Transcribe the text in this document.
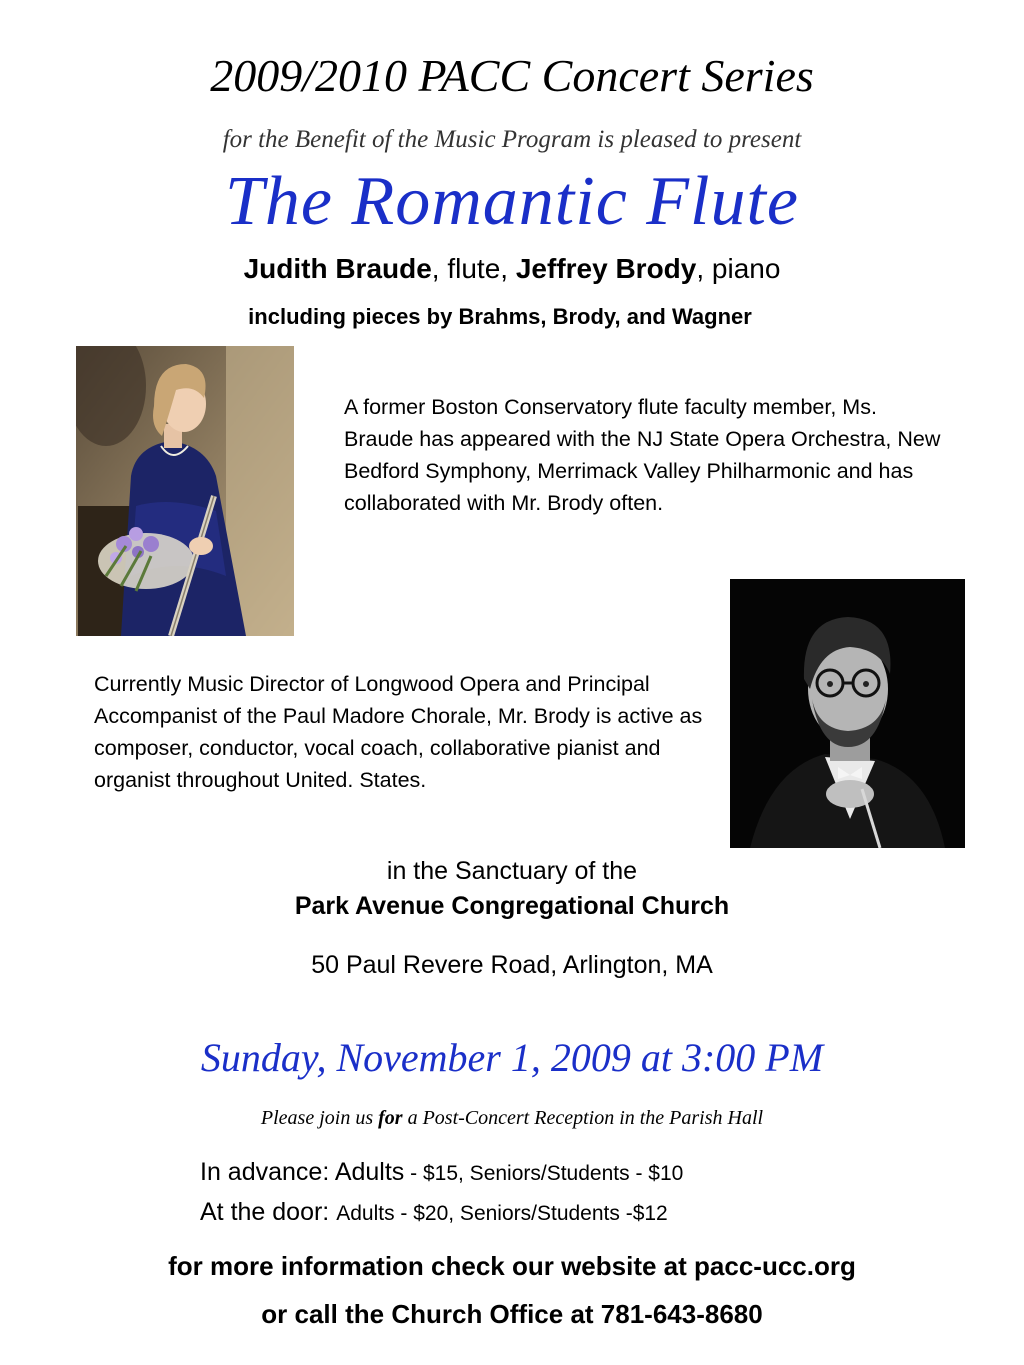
2009/2010 PACC Concert Series
for the Benefit of the Music Program is pleased to present
The Romantic Flute
Judith Braude, flute, Jeffrey Brody, piano
including pieces by Brahms, Brody, and Wagner
A former Boston Conservatory flute faculty member, Ms. Braude has appeared with the NJ State Opera Orchestra, New Bedford Symphony, Merrimack Valley Philharmonic and has collaborated with Mr. Brody often.
Currently Music Director of Longwood Opera and Principal Accompanist of the Paul Madore Chorale, Mr. Brody is active as composer, conductor, vocal coach, collaborative pianist and organist throughout United. States.
in the Sanctuary of the
Park Avenue Congregational Church
50 Paul Revere Road, Arlington, MA
Sunday, November 1, 2009 at 3:00 PM
Please join us for a Post-Concert Reception in the Parish Hall
In advance: Adults - $15, Seniors/Students - $10
At the door: Adults - $20, Seniors/Students -$12
for more information check our website at pacc-ucc.org
or call the Church Office at 781-643-8680
